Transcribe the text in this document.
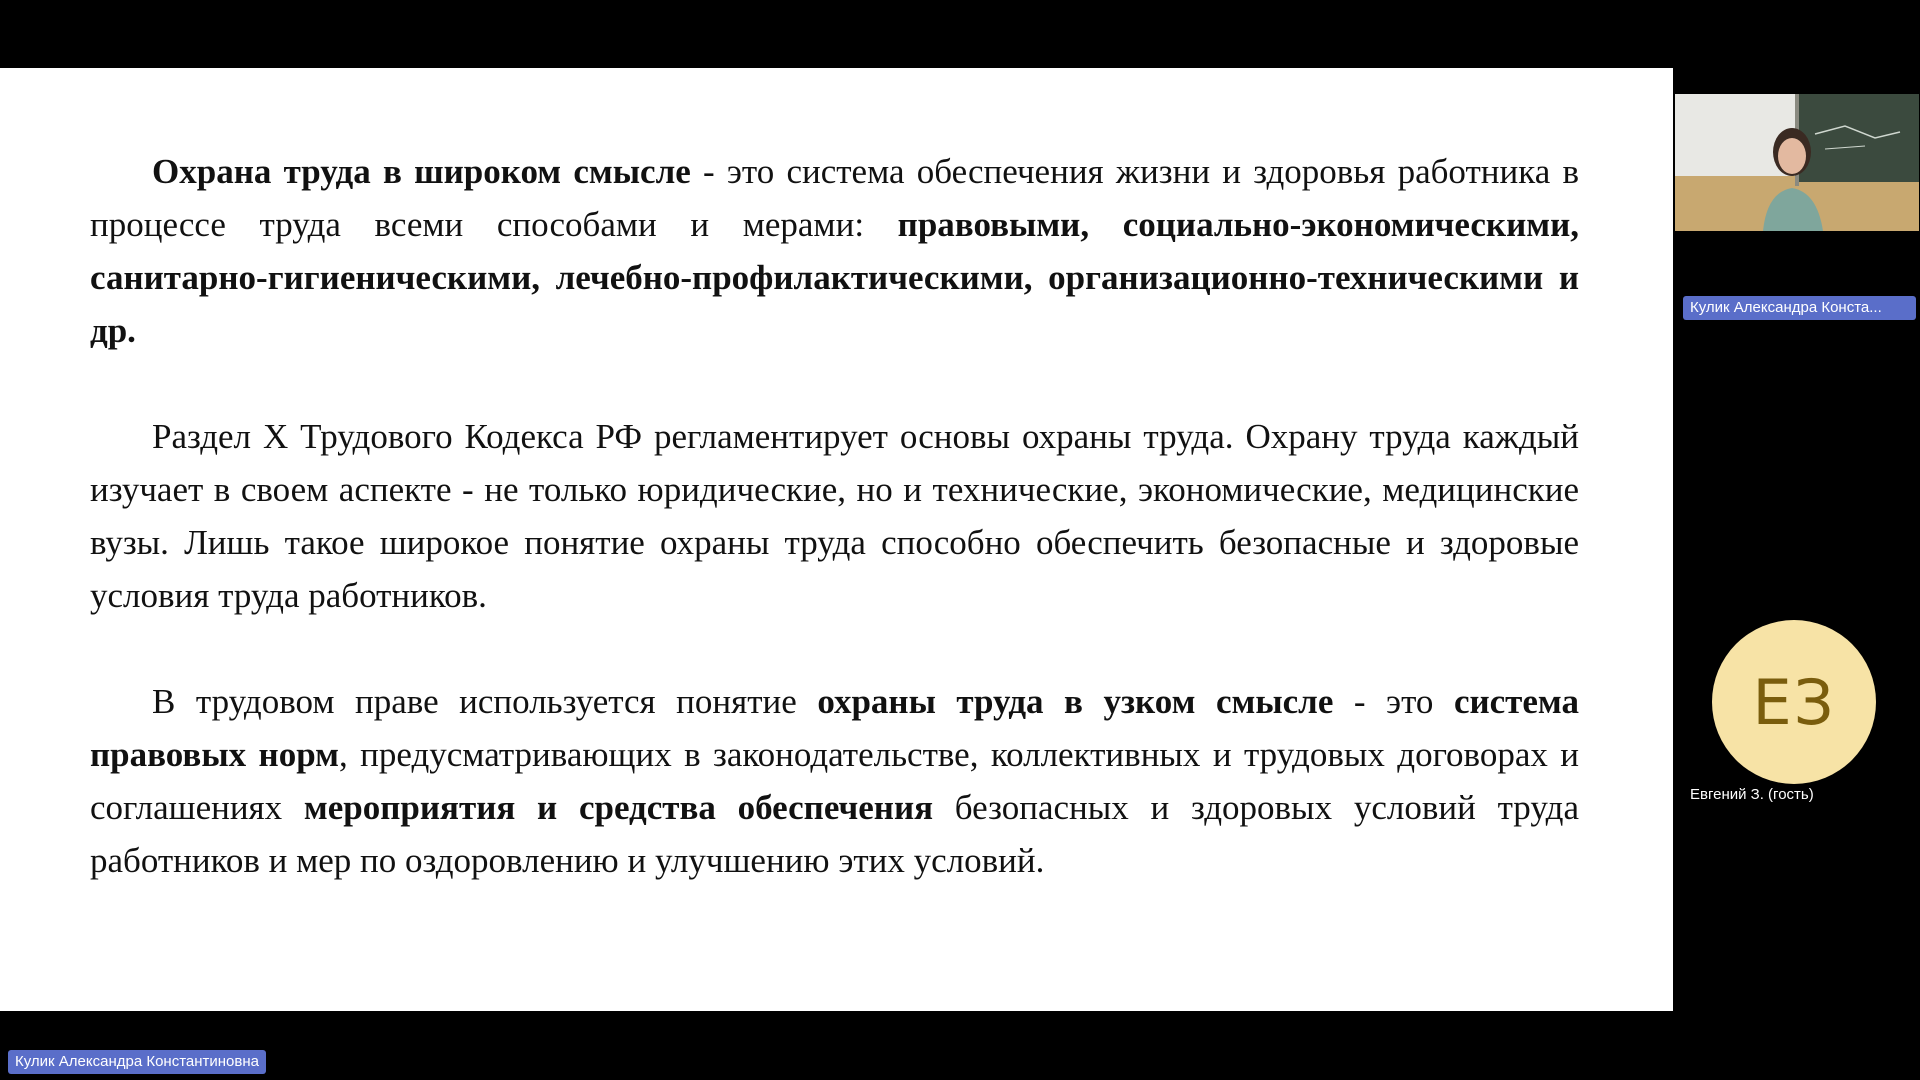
Охрана труда в широком смысле - это система обеспечения жизни и здоровья работника в процессе труда всеми способами и мерами: правовыми, социально-экономическими, санитарно-гигиеническими, лечебно-профилактическими, организационно-техническими и др.

Раздел X Трудового Кодекса РФ регламентирует основы охраны труда. Охрану труда каждый изучает в своем аспекте - не только юридические, но и технические, экономические, медицинские вузы. Лишь такое широкое понятие охраны труда способно обеспечить безопасные и здоровые условия труда работников.

В трудовом праве используется понятие охраны труда в узком смысле - это система правовых норм, предусматривающих в законодательстве, коллективных и трудовых договорах и соглашениях мероприятия и средства обеспечения безопасных и здоровых условий труда работников и мер по оздоровлению и улучшению этих условий.

Кулик Александра Конста...
ЕЗ
Евгений З. (гость)
Кулик Александра Константиновна
